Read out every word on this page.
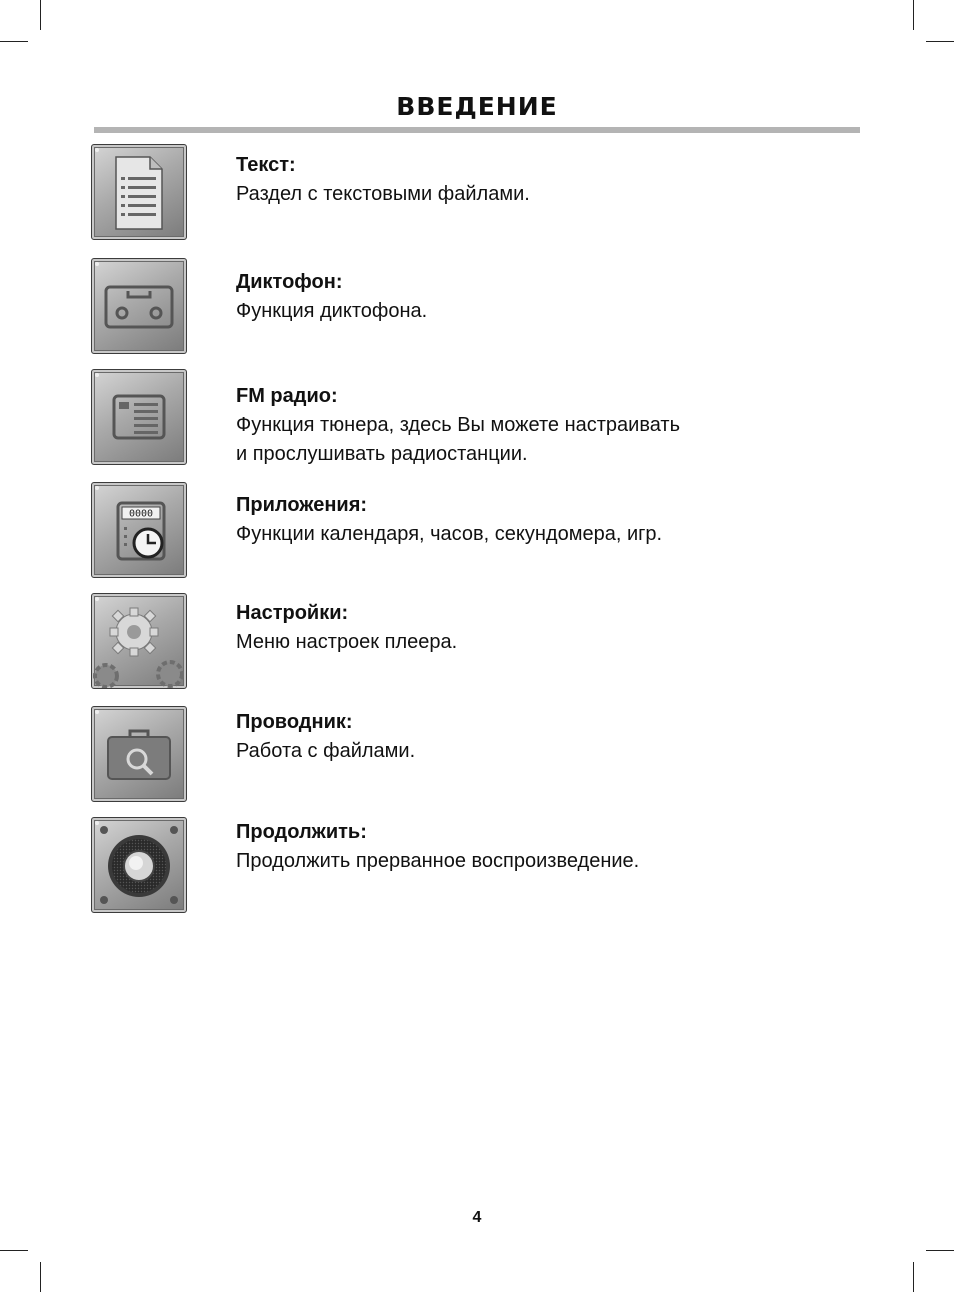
ВВЕДЕНИЕ
Текст:
Раздел с текстовыми файлами.
Диктофон:
Функция диктофона.
FM радио:
Функция тюнера, здесь Вы можете настраивать
и прослушивать радиостанции.
0000	Приложения:
Функции календаря, часов, секундомера, игр.
Настройки:
Меню настроек плеера.
Проводник:
Работа с файлами.
Продолжить:
Продолжить прерванное воспроизведение.
4
